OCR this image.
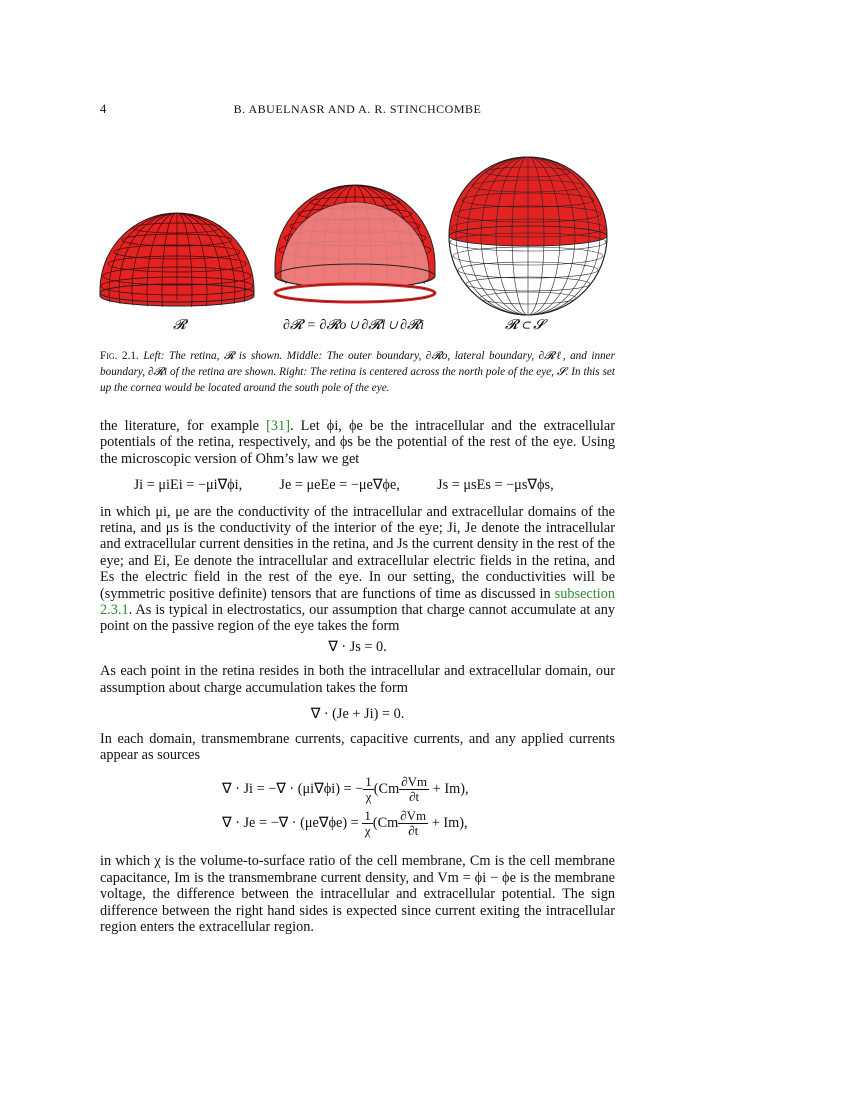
4	B. ABUELNASR AND A. R. STINCHCOMBE
𝓡	∂𝓡 = ∂𝓡o ∪ ∂𝓡l ∪ ∂𝓡i	𝓡 ⊂ 𝓢
Fig. 2.1. Left: The retina, 𝓡 is shown. Middle: The outer boundary, ∂𝓡o, lateral boundary, ∂𝓡ℓ, and inner boundary, ∂𝓡i of the retina are shown. Right: The retina is centered across the north pole of the eye, 𝓢. In this set up the cornea would be located around the south pole of the eye.

the literature, for example [31]. Let ϕi, ϕe be the intracellular and the extracellular potentials of the retina, respectively, and ϕs be the potential of the rest of the eye. Using the microscopic version of Ohm’s law we get

Ji = μiEi = −μi∇ϕi,	Je = μeEe = −μe∇ϕe,	Js = μsEs = −μs∇ϕs,

in which μi, μe are the conductivity of the intracellular and extracellular domains of the retina, and μs is the conductivity of the interior of the eye; Ji, Je denote the intracellular and extracellular current densities in the retina, and Js the current density in the rest of the eye; and Ei, Ee denote the intracellular and extracellular electric fields in the retina, and Es the electric field in the rest of the eye. In our setting, the conductivities will be (symmetric positive definite) tensors that are functions of time as discussed in subsection 2.3.1. As is typical in electrostatics, our assumption that charge cannot accumulate at any point on the passive region of the eye takes the form

∇ · Js = 0.

As each point in the retina resides in both the intracellular and extracellular domain, our assumption about charge accumulation takes the form

∇ · (Je + Ji) = 0.

In each domain, transmembrane currents, capacitive currents, and any applied currents appear as sources

∇ · Ji = −∇ · (μi∇ϕi) = − $\frac{1}{\chi} (Cm \frac{\partial Vm}{\partial t} + Im)$,
∇ · Je = −∇ · $(\mu e\nabla\phi e) = \frac{1}{\chi} (Cm \frac{\partial Vm}{\partial t} + Im)$,

in which χ is the volume-to-surface ratio of the cell membrane, Cm is the cell membrane capacitance, Im is the transmembrane current density, and Vm = ϕi − ϕe is the membrane voltage, the difference between the intracellular and extracellular potential. The sign difference between the right hand sides is expected since current exiting the intracellular region enters the extracellular region.
